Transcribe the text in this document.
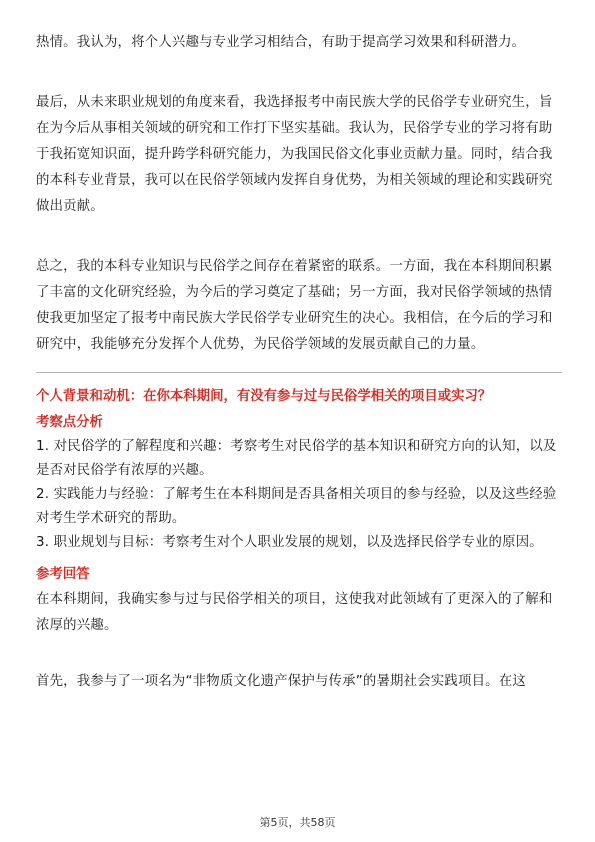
热情。我认为，将个人兴趣与专业学习相结合，有助于提高学习效果和科研潜力。

最后，从未来职业规划的角度来看，我选择报考中南民族大学的民俗学专业研究生，旨在为今后从事相关领域的研究和工作打下坚实基础。我认为，民俗学专业的学习将有助于我拓宽知识面，提升跨学科研究能力，为我国民俗文化事业贡献力量。同时，结合我的本科专业背景，我可以在民俗学领域内发挥自身优势，为相关领域的理论和实践研究做出贡献。

总之，我的本科专业知识与民俗学之间存在着紧密的联系。一方面，我在本科期间积累了丰富的文化研究经验，为今后的学习奠定了基础；另一方面，我对民俗学领域的热情使我更加坚定了报考中南民族大学民俗学专业研究生的决心。我相信，在今后的学习和研究中，我能够充分发挥个人优势，为民俗学领域的发展贡献自己的力量。

个人背景和动机：在你本科期间，有没有参与过与民俗学相关的项目或实习？
考察点分析

1. 对民俗学的了解程度和兴趣：考察考生对民俗学的基本知识和研究方向的认知，以及是否对民俗学有浓厚的兴趣。

2. 实践能力与经验：了解考生在本科期间是否具备相关项目的参与经验，以及这些经验对考生学术研究的帮助。

3. 职业规划与目标：考察考生对个人职业发展的规划，以及选择民俗学专业的原因。

参考回答

在本科期间，我确实参与过与民俗学相关的项目，这使我对此领域有了更深入的了解和浓厚的兴趣。

首先，我参与了一项名为“非物质文化遗产保护与传承”的暑期社会实践项目。在这

第5页，共58页
